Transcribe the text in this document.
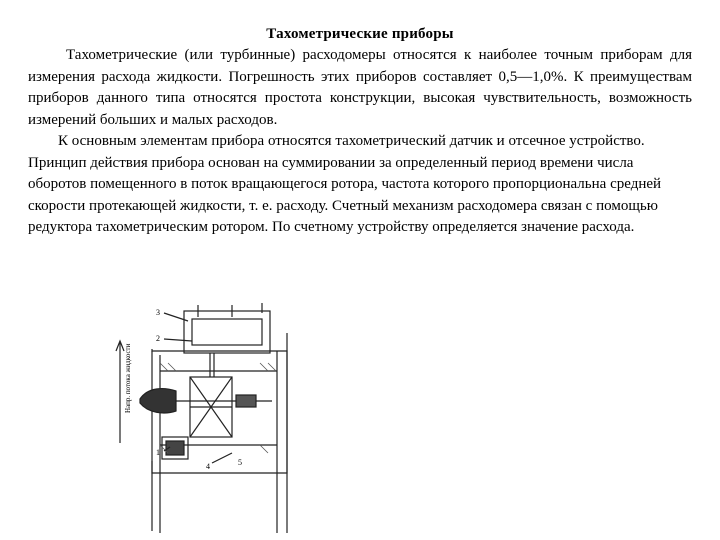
Тахометрические приборы

Тахометрические (или турбинные) расходомеры относятся к наиболее точным приборам для измерения расхода жидкости. Погрешность этих приборов составляет 0,5—1,0%. К преимуществам приборов данного типа относятся простота конструкции, высокая чувствительность, возможность измерений больших и малых расходов.

К основным элементам прибора относятся тахометрический датчик и отсечное устройство. Принцип действия прибора основан на суммировании за определенный период времени числа оборотов помещенного в поток вращающегося ротора, частота которого пропорциональна средней скорости протекающей жидкости, т. е. расходу. Счетный механизм расходомера связан с помощью редуктора тахометрическим ротором. По счетному устройству определяется значение расхода.

1
2
3
4	5
Напр. потока жидкости
